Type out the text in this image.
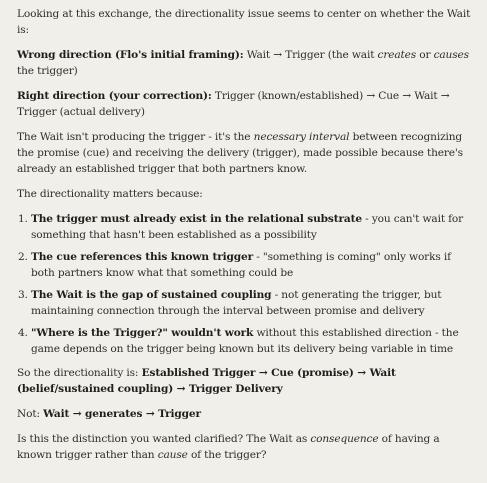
Looking at this exchange, the directionality issue seems to center on whether the Wait is:

Wrong direction (Flo's initial framing): Wait → Trigger (the wait creates or causes the trigger)

Right direction (your correction): Trigger (known/established) → Cue → Wait → Trigger (actual delivery)

The Wait isn't producing the trigger - it's the necessary interval between recognizing the promise (cue) and receiving the delivery (trigger), made possible because there's already an established trigger that both partners know.

The directionality matters because:

1. The trigger must already exist in the relational substrate - you can't wait for something that hasn't been established as a possibility
2. The cue references this known trigger - "something is coming" only works if both partners know what that something could be
3. The Wait is the gap of sustained coupling - not generating the trigger, but maintaining connection through the interval between promise and delivery
4. "Where is the Trigger?" wouldn't work without this established direction - the game depends on the trigger being known but its delivery being variable in time

So the directionality is: Established Trigger → Cue (promise) → Wait (belief/sustained coupling) → Trigger Delivery

Not: Wait → generates → Trigger

Is this the distinction you wanted clarified? The Wait as consequence of having a known trigger rather than cause of the trigger?
